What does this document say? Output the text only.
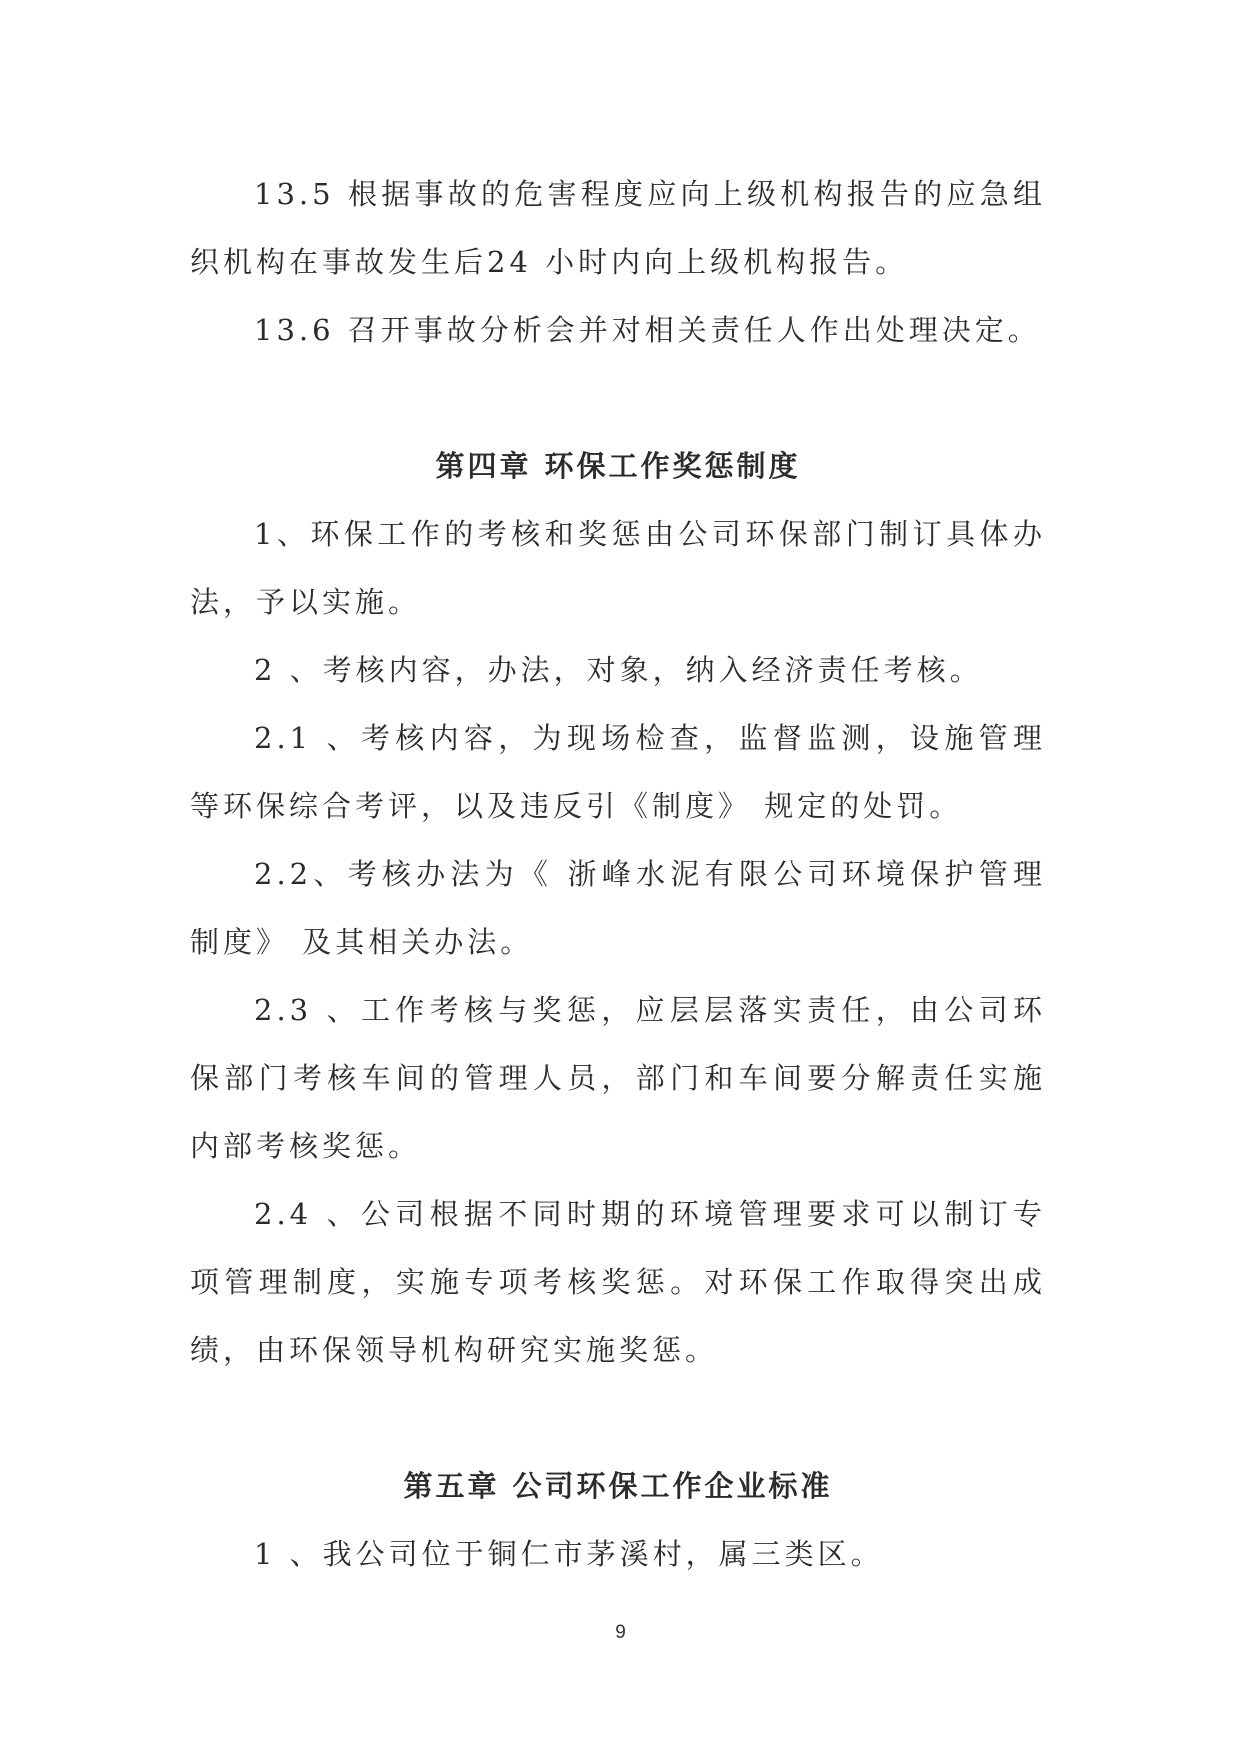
13.5 根据事故的危害程度应向上级机构报告的应急组织机构在事故发生后24 小时内向上级机构报告。

13.6 召开事故分析会并对相关责任人作出处理决定。

第四章 环保工作奖惩制度

1、环保工作的考核和奖惩由公司环保部门制订具体办法，予以实施。

2 、考核内容，办法，对象，纳入经济责任考核。

2.1 、考核内容，为现场检查，监督监测，设施管理等环保综合考评，以及违反引《制度》 规定的处罚。

2.2、考核办法为《 浙峰水泥有限公司环境保护管理制度》 及其相关办法。

2.3 、工作考核与奖惩，应层层落实责任，由公司环保部门考核车间的管理人员，部门和车间要分解责任实施内部考核奖惩。

2.4 、公司根据不同时期的环境管理要求可以制订专项管理制度，实施专项考核奖惩。对环保工作取得突出成绩，由环保领导机构研究实施奖惩。

第五章 公司环保工作企业标准

1 、我公司位于铜仁市茅溪村，属三类区。

9
